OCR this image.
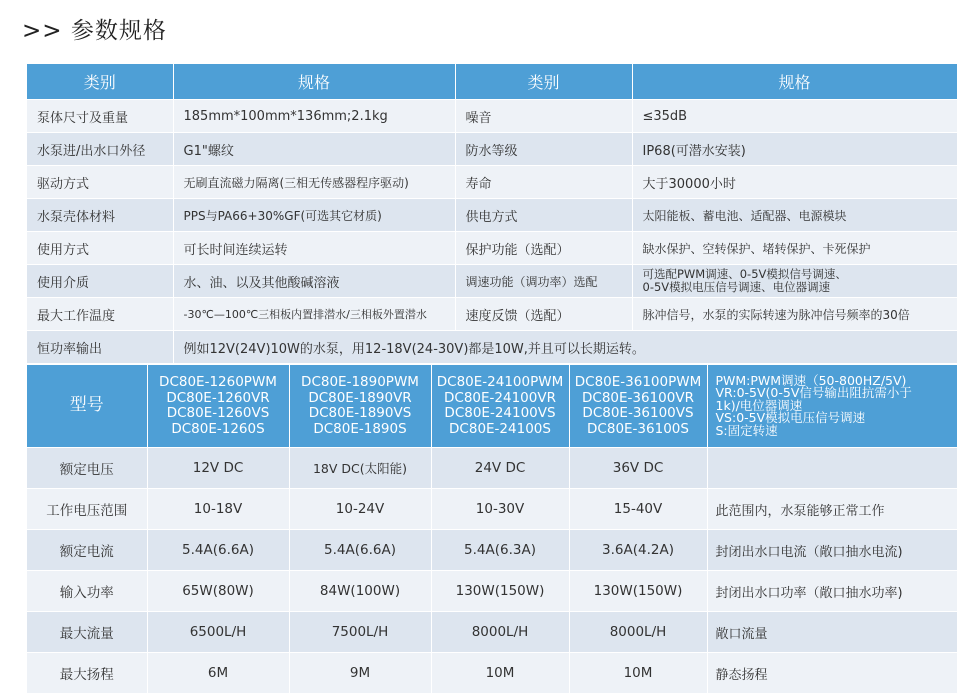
>> 参数规格
类别	规格	类别	规格
泵体尺寸及重量	185mm*100mm*136mm;2.1kg	噪音	≤35dB
水泵进/出水口外径	G1"螺纹	防水等级	IP68(可潜水安装)
驱动方式	无刷直流磁力隔离(三相无传感器程序驱动)	寿命	大于30000小时
水泵壳体材料	PPS与PA66+30%GF(可选其它材质)	供电方式	太阳能板、蓄电池、适配器、电源模块
使用方式	可长时间连续运转	保护功能（选配）	缺水保护、空转保护、堵转保护、卡死保护
使用介质	水、油、以及其他酸碱溶液	调速功能（调功率）选配	可选配PWM调速、0-5V模拟信号调速、
0-5V模拟电压信号调速、电位器调速

最大工作温度	-30℃—100℃三相板内置排潜水/三相板外置潜水	速度反馈（选配）	脉冲信号，水泵的实际转速为脉冲信号频率的30倍
恒功率输出	例如12V(24V)10W的水泵，用12-18V(24-30V)都是10W,并且可以长期运转。		
型号	DC80E-1260PWM
DC80E-1260VR
DC80E-1260VS
DC80E-1260S	DC80E-1890PWM
DC80E-1890VR
DC80E-1890VS
DC80E-1890S	DC80E-24100PWM
DC80E-24100VR
DC80E-24100VS
DC80E-24100S	DC80E-36100PWM
DC80E-36100VR
DC80E-36100VS
DC80E-36100S	PWM:PWM调速（50-800HZ/5V)
VR:0-5V(0-5V信号输出阻抗需小于
1k)/电位器调速
VS:0-5V模拟电压信号调速
S:固定转速

额定电压	12V DC	18V DC(太阳能)	24V DC	36V DC	
工作电压范围	10-18V	10-24V	10-30V	15-40V	此范围内，水泵能够正常工作
额定电流	5.4A(6.6A)	5.4A(6.6A)	5.4A(6.3A)	3.6A(4.2A)	封闭出水口电流（敞口抽水电流)
输入功率	65W(80W)	84W(100W)	130W(150W)	130W(150W)	封闭出水口功率（敞口抽水功率)
最大流量	6500L/H	7500L/H	8000L/H	8000L/H	敞口流量
最大扬程	6M	9M	10M	10M	静态扬程
